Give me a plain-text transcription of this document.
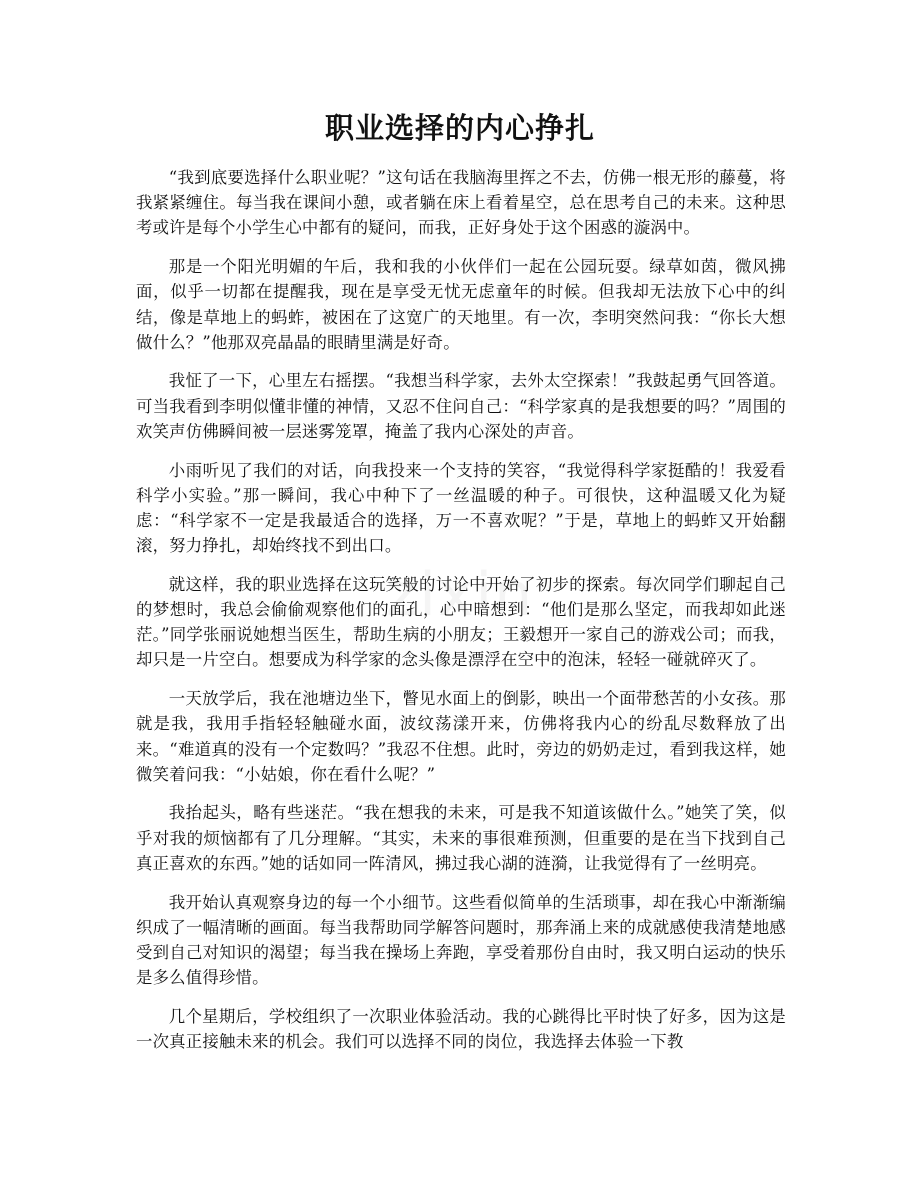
职业选择的内心挣扎
zixin

“我到底要选择什么职业呢？”这句话在我脑海里挥之不去，仿佛一根无形的藤蔓，将我紧紧缠住。每当我在课间小憩，或者躺在床上看着星空，总在思考自己的未来。这种思考或许是每个小学生心中都有的疑问，而我，正好身处于这个困惑的漩涡中。

那是一个阳光明媚的午后，我和我的小伙伴们一起在公园玩耍。绿草如茵，微风拂面，似乎一切都在提醒我，现在是享受无忧无虑童年的时候。但我却无法放下心中的纠结，像是草地上的蚂蚱，被困在了这宽广的天地里。有一次，李明突然问我：“你长大想做什么？”他那双亮晶晶的眼睛里满是好奇。

我怔了一下，心里左右摇摆。“我想当科学家，去外太空探索！”我鼓起勇气回答道。可当我看到李明似懂非懂的神情，又忍不住问自己：“科学家真的是我想要的吗？”周围的欢笑声仿佛瞬间被一层迷雾笼罩，掩盖了我内心深处的声音。

小雨听见了我们的对话，向我投来一个支持的笑容，“我觉得科学家挺酷的！我爱看科学小实验。”那一瞬间，我心中种下了一丝温暖的种子。可很快，这种温暖又化为疑虑：“科学家不一定是我最适合的选择，万一不喜欢呢？”于是，草地上的蚂蚱又开始翻滚，努力挣扎，却始终找不到出口。

就这样，我的职业选择在这玩笑般的讨论中开始了初步的探索。每次同学们聊起自己的梦想时，我总会偷偷观察他们的面孔，心中暗想到：“他们是那么坚定，而我却如此迷茫。”同学张丽说她想当医生，帮助生病的小朋友；王毅想开一家自己的游戏公司；而我，却只是一片空白。想要成为科学家的念头像是漂浮在空中的泡沫，轻轻一碰就碎灭了。

一天放学后，我在池塘边坐下，瞥见水面上的倒影，映出一个面带愁苦的小女孩。那就是我，我用手指轻轻触碰水面，波纹荡漾开来，仿佛将我内心的纷乱尽数释放了出来。“难道真的没有一个定数吗？”我忍不住想。此时，旁边的奶奶走过，看到我这样，她微笑着问我：“小姑娘，你在看什么呢？”

我抬起头，略有些迷茫。“我在想我的未来，可是我不知道该做什么。”她笑了笑，似乎对我的烦恼都有了几分理解。“其实，未来的事很难预测，但重要的是在当下找到自己真正喜欢的东西。”她的话如同一阵清风，拂过我心湖的涟漪，让我觉得有了一丝明亮。

我开始认真观察身边的每一个小细节。这些看似简单的生活琐事，却在我心中渐渐编织成了一幅清晰的画面。每当我帮助同学解答问题时，那奔涌上来的成就感使我清楚地感受到自己对知识的渴望；每当我在操场上奔跑，享受着那份自由时，我又明白运动的快乐是多么值得珍惜。

几个星期后，学校组织了一次职业体验活动。我的心跳得比平时快了好多，因为这是一次真正接触未来的机会。我们可以选择不同的岗位，我选择去体验一下教
